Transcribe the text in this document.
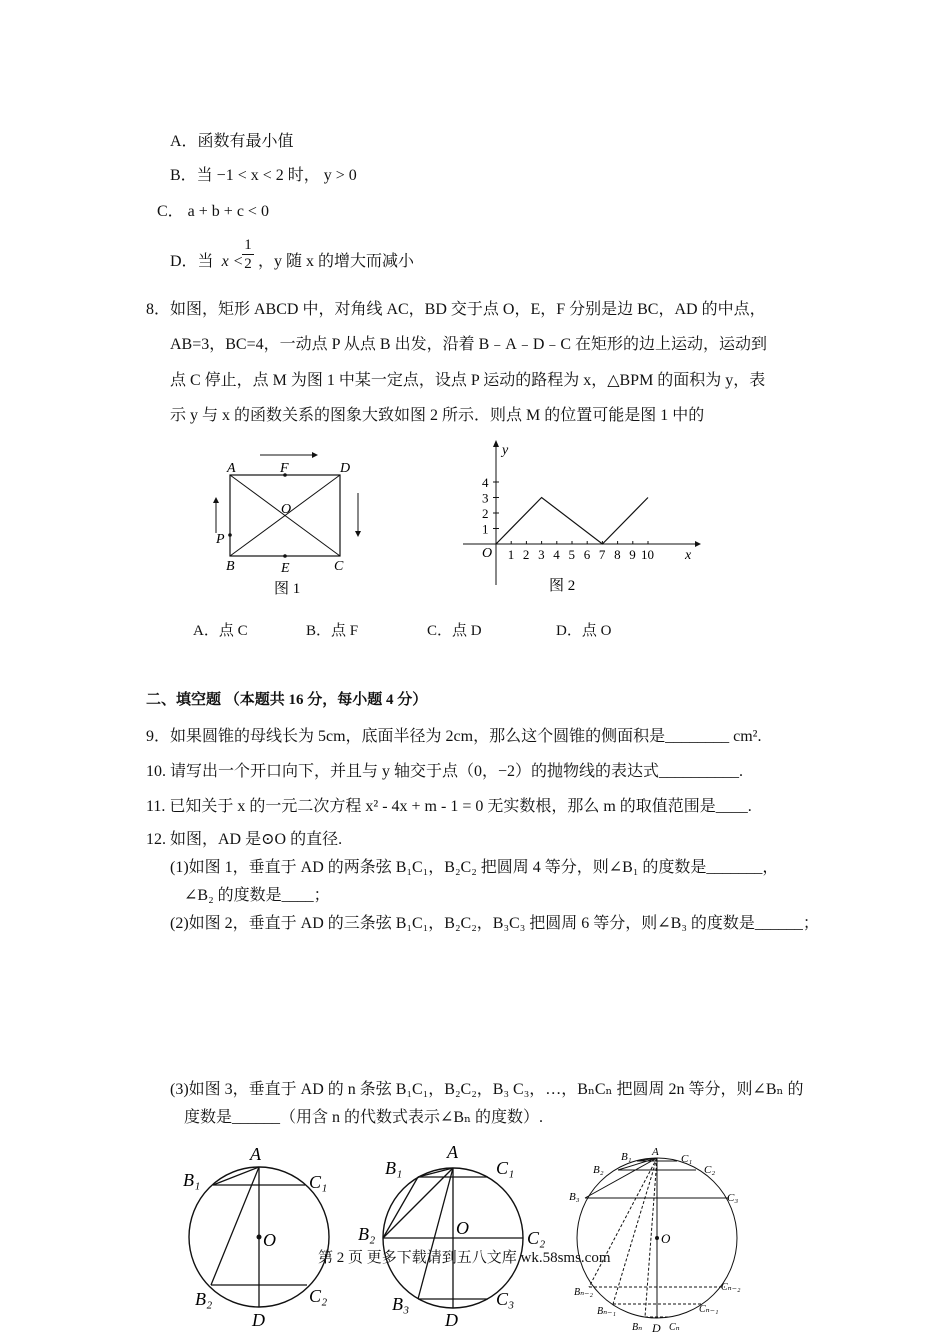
A．函数有最小值
B．当 −1 < x < 2 时， y > 0
C． a + b + c < 0
D．当 x <
$\frac{1}{2}$ ，y 随 x 的增大而减小
8．如图，矩形 ABCD 中，对角线 AC，BD 交于点 O，E，F 分别是边 BC，AD 的中点，
AB=3，BC=4，一动点 P 从点 B 出发，沿着 B﹣A﹣D﹣C 在矩形的边上运动，运动到
点 C 停止，点 M 为图 1 中某一定点，设点 P 运动的路程为 x，△BPM 的面积为 y，表
示 y 与 x 的函数关系的图象大致如图 2 所示．则点 M 的位置可能是图 1 中的
A	F	D
O
P
B	E	C
图 1
y
x
O
1
2
3
4
1 2 3 4 5 6 7 8 9 10
图 2
A．点 C	B．点 F	C．点 D	D．点 O
二、填空题 （本题共 16 分，每小题 4 分）
9．如果圆锥的母线长为 5cm，底面半径为 2cm，那么这个圆锥的侧面积是________ cm².
10. 请写出一个开口向下，并且与 y 轴交于点（0，−2）的抛物线的表达式__________.
11. 已知关于 x 的一元二次方程 x² - 4x + m - 1 = 0 无实数根，那么 m 的取值范围是____.
12. 如图，AD 是⊙O 的直径.
(1)如图 1，垂直于 AD 的两条弦 B₁C₁，B₂C₂ 把圆周 4 等分，则∠B₁ 的度数是_______，
∠B₂ 的度数是____；
(2)如图 2，垂直于 AD 的三条弦 B₁C₁，B₂C₂，B₃C₃ 把圆周 6 等分，则∠B₃ 的度数是______；
(3)如图 3，垂直于 AD 的 n 条弦 B₁C₁，B₂C₂，B₃ C₃，…，BₙCₙ 把圆周 2n 等分，则∠Bₙ 的
度数是______（用含 n 的代数式表示∠Bₙ 的度数）.
A
B₁	C₁
O
B₂	C₂
D
A
B₁	C₁
B₂	O	C₂
B₃	C₃
D
B₁ A
C₁
B₂	C₂
B₃	C₃
O
Bₙ₋₂	Cₙ₋₂
Bₙ₋₁	Cₙ₋₁
Bₙ D Cₙ
第 2 页 更多下载请到五八文库 wk.58sms.com
